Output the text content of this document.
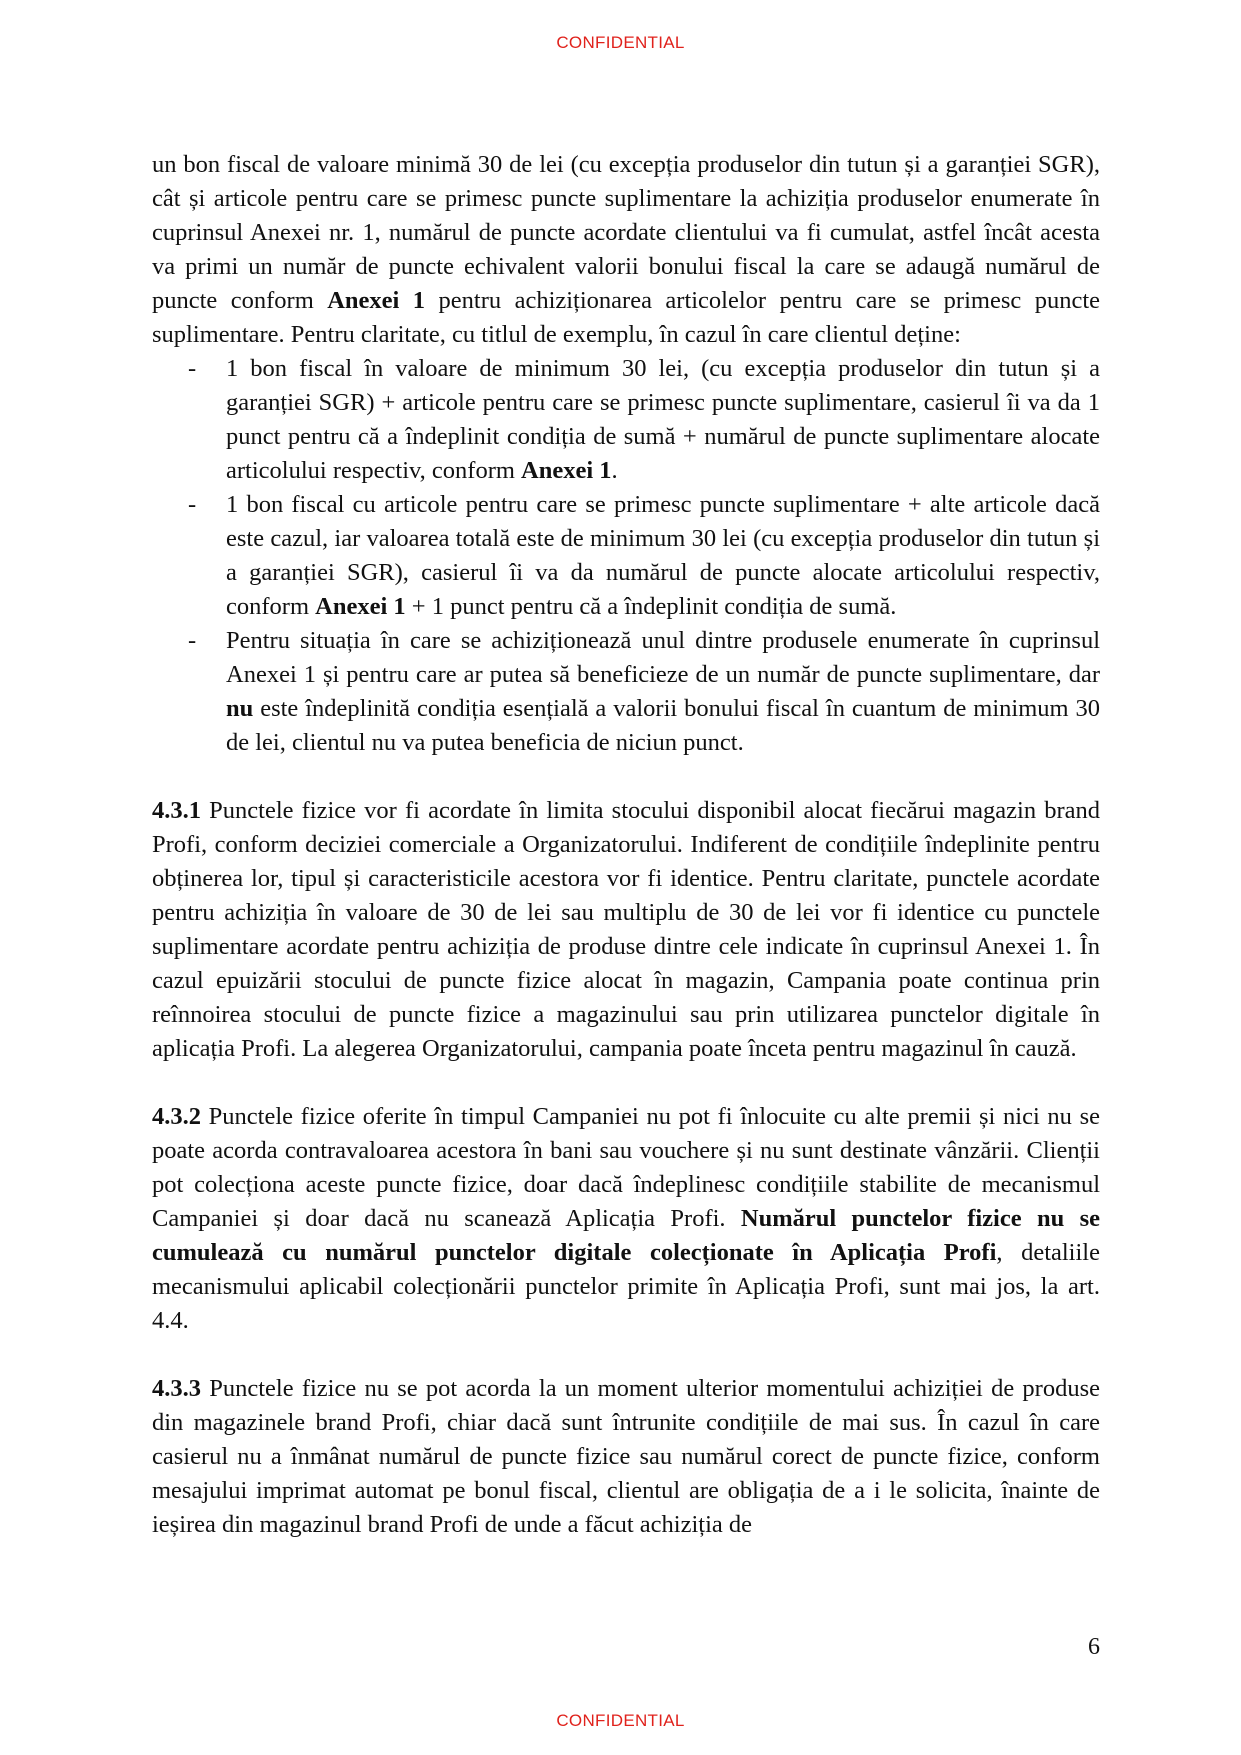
CONFIDENTIAL

un bon fiscal de valoare minimă 30 de lei (cu excepția produselor din tutun și a garanției SGR), cât și articole pentru care se primesc puncte suplimentare la achiziția produselor enumerate în cuprinsul Anexei nr. 1, numărul de puncte acordate clientului va fi cumulat, astfel încât acesta va primi un număr de puncte echivalent valorii bonului fiscal la care se adaugă numărul de puncte conform Anexei 1 pentru achiziționarea articolelor pentru care se primesc puncte suplimentare. Pentru claritate, cu titlul de exemplu, în cazul în care clientul deține:

- 1 bon fiscal în valoare de minimum 30 lei, (cu excepția produselor din tutun și a garanției SGR) + articole pentru care se primesc puncte suplimentare, casierul îi va da 1 punct pentru că a îndeplinit condiția de sumă + numărul de puncte suplimentare alocate articolului respectiv, conform Anexei 1.
- 1 bon fiscal cu articole pentru care se primesc puncte suplimentare + alte articole dacă este cazul, iar valoarea totală este de minimum 30 lei (cu excepția produselor din tutun și a garanției SGR), casierul îi va da numărul de puncte alocate articolului respectiv, conform Anexei 1 + 1 punct pentru că a îndeplinit condiția de sumă.
- Pentru situația în care se achiziționează unul dintre produsele enumerate în cuprinsul Anexei 1 și pentru care ar putea să beneficieze de un număr de puncte suplimentare, dar nu este îndeplinită condiția esențială a valorii bonului fiscal în cuantum de minimum 30 de lei, clientul nu va putea beneficia de niciun punct.

4.3.1 Punctele fizice vor fi acordate în limita stocului disponibil alocat fiecărui magazin brand Profi, conform deciziei comerciale a Organizatorului. Indiferent de condițiile îndeplinite pentru obținerea lor, tipul și caracteristicile acestora vor fi identice. Pentru claritate, punctele acordate pentru achiziția în valoare de 30 de lei sau multiplu de 30 de lei vor fi identice cu punctele suplimentare acordate pentru achiziția de produse dintre cele indicate în cuprinsul Anexei 1. În cazul epuizării stocului de puncte fizice alocat în magazin, Campania poate continua prin reînnoirea stocului de puncte fizice a magazinului sau prin utilizarea punctelor digitale în aplicația Profi. La alegerea Organizatorului, campania poate înceta pentru magazinul în cauză.

4.3.2 Punctele fizice oferite în timpul Campaniei nu pot fi înlocuite cu alte premii și nici nu se poate acorda contravaloarea acestora în bani sau vouchere și nu sunt destinate vânzării. Clienții pot colecționa aceste puncte fizice, doar dacă îndeplinesc condițiile stabilite de mecanismul Campaniei și doar dacă nu scanează Aplicația Profi. Numărul punctelor fizice nu se cumulează cu numărul punctelor digitale colecționate în Aplicația Profi, detaliile mecanismului aplicabil colecționării punctelor primite în Aplicația Profi, sunt mai jos, la art. 4.4.

4.3.3 Punctele fizice nu se pot acorda la un moment ulterior momentului achiziției de produse din magazinele brand Profi, chiar dacă sunt întrunite condițiile de mai sus. În cazul în care casierul nu a înmânat numărul de puncte fizice sau numărul corect de puncte fizice, conform mesajului imprimat automat pe bonul fiscal, clientul are obligația de a i le solicita, înainte de ieșirea din magazinul brand Profi de unde a făcut achiziția de

6
CONFIDENTIAL
